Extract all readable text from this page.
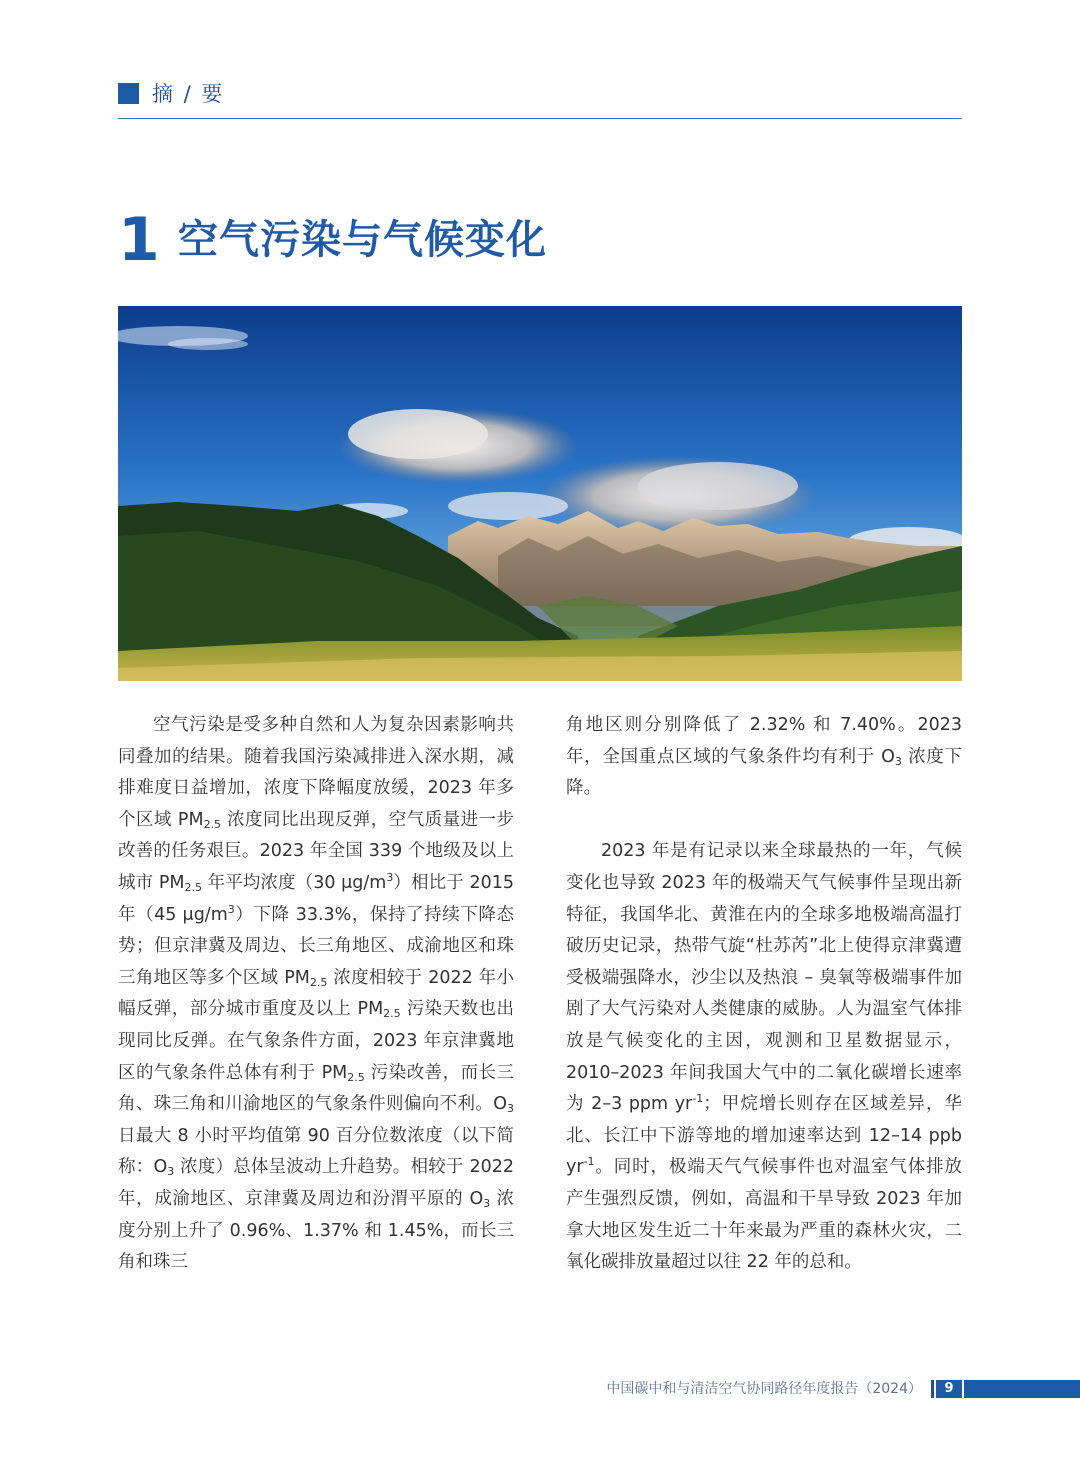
摘 / 要
1 空气污染与气候变化

空气污染是受多种自然和人为复杂因素影响共同叠加的结果。随着我国污染减排进入深水期，减排难度日益增加，浓度下降幅度放缓，2023 年多个区域 $PM_{2.5}$ 浓度同比出现反弹，空气质量进一步改善的任务艰巨。2023 年全国 339 个地级及以上城市 $PM_{2.5}$ 年平均浓度（30 $\mu g/m^3$）相比于 2015 年（45 $\mu g/m^3$）下降 33.3%，保持了持续下降态势；但京津冀及周边、长三角地区、成渝地区和珠三角地区等多个区域 $PM_{2.5}$ 浓度相较于 2022 年小幅反弹，部分城市重度及以上 $PM_{2.5}$ 污染天数也出现同比反弹。在气象条件方面，2023 年京津冀地区的气象条件总体有利于 $PM_{2.5}$ 污染改善，而长三角、珠三角和川渝地区的气象条件则偏向不利。$O_3$ 日最大 8 小时平均值第 90 百分位数浓度（以下简称：$O_3$ 浓度）总体呈波动上升趋势。相较于 2022 年，成渝地区、京津冀及周边和汾渭平原的 $O_3$ 浓度分别上升了 0.96%、1.37% 和 1.45%，而长三角和珠三

角地区则分别降低了 2.32% 和 7.40%。2023 年，全国重点区域的气象条件均有利于 $O_3$ 浓度下降。

2023 年是有记录以来全球最热的一年，气候变化也导致 2023 年的极端天气气候事件呈现出新特征，我国华北、黄淮在内的全球多地极端高温打破历史记录，热带气旋“杜苏芮”北上使得京津冀遭受极端强降水，沙尘以及热浪 – 臭氧等极端事件加剧了大气污染对人类健康的威胁。人为温室气体排放是气候变化的主因，观测和卫星数据显示，2010–2023 年间我国大气中的二氧化碳增长速率为 2–3 ppm $yr^{-1}$；甲烷增长则存在区域差异，华北、长江中下游等地的增加速率达到 12–14 ppb $yr^{-1}$。同时，极端天气气候事件也对温室气体排放产生强烈反馈，例如，高温和干旱导致 2023 年加拿大地区发生近二十年来最为严重的森林火灾，二氧化碳排放量超过以往 22 年的总和。

中国碳中和与清洁空气协同路径年度报告（2024）	9
